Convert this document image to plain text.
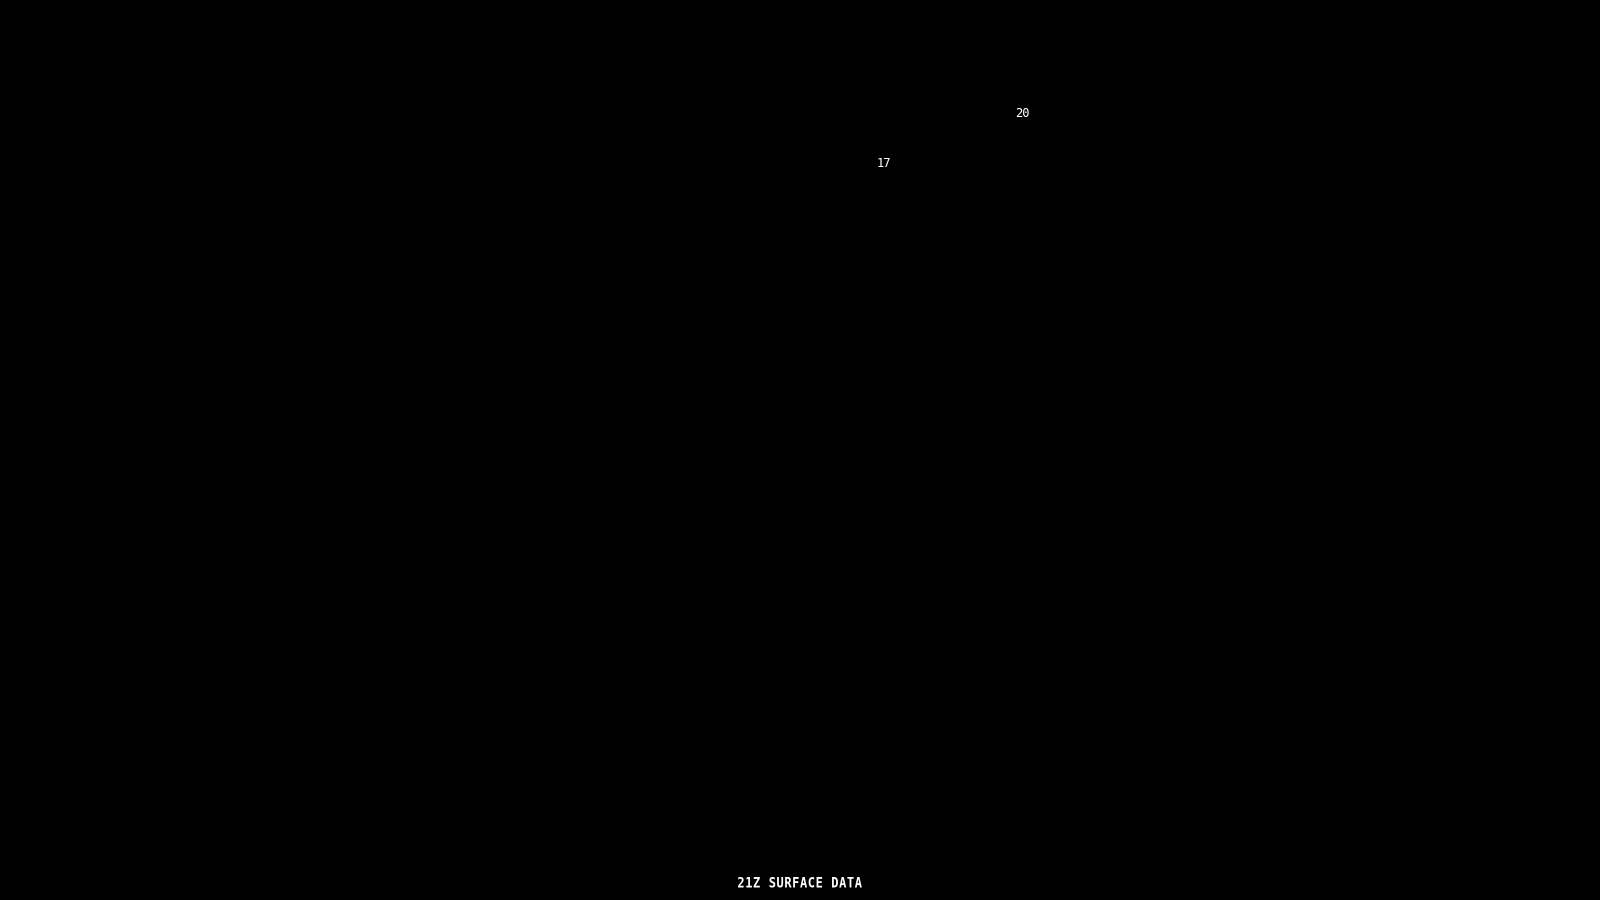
20
17
21Z SURFACE DATA
